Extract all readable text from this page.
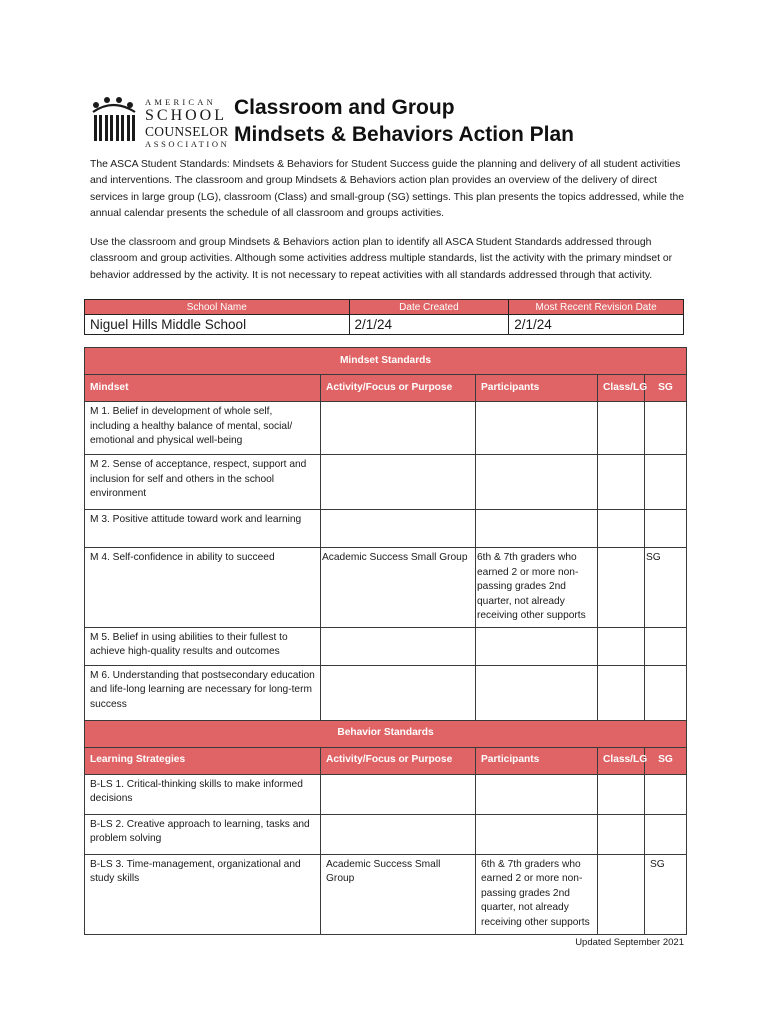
AMERICAN
SCHOOL
COUNSELOR
ASSOCIATION
Classroom and Group
Mindsets & Behaviors Action Plan
The ASCA Student Standards: Mindsets & Behaviors for Student Success guide the planning and delivery of all student activities and interventions. The classroom and group Mindsets & Behaviors action plan provides an overview of the delivery of direct services in large group (LG), classroom (Class) and small-group (SG) settings. This plan presents the topics addressed, while the annual calendar presents the schedule of all classroom and groups activities.
Use the classroom and group Mindsets & Behaviors action plan to identify all ASCA Student Standards addressed through classroom and group activities. Although some activities address multiple standards, list the activity with the primary mindset or behavior addressed by the activity. It is not necessary to repeat activities with all standards addressed through that activity.
School Name	Date Created	Most Recent Revision Date
Niguel Hills Middle School	2/1/24	2/1/24
Mindset Standards				
Mindset	Activity/Focus or Purpose	Participants	Class/LG	SG
M 1. Belief in development of whole self, including a healthy balance of mental, social/ emotional and physical well-being				
M 2. Sense of acceptance, respect, support and inclusion for self and others in the school environment				
M 3. Positive attitude toward work and learning				
M 4. Self-confidence in ability to succeed	Academic Success Small Group	6th & 7th graders who earned 2 or more non-passing grades 2nd quarter, not already receiving other supports		SG
M 5. Belief in using abilities to their fullest to achieve high-quality results and outcomes				
M 6. Understanding that postsecondary education and life-long learning are necessary for long-term success				
Behavior Standards				
Learning Strategies	Activity/Focus or Purpose	Participants	Class/LG	SG
B-LS 1. Critical-thinking skills to make informed decisions				
B-LS 2. Creative approach to learning, tasks and problem solving				
B-LS 3. Time-management, organizational and study skills	Academic Success Small Group	6th & 7th graders who earned 2 or more non-passing grades 2nd quarter, not already receiving other supports		SG
Updated September 2021
